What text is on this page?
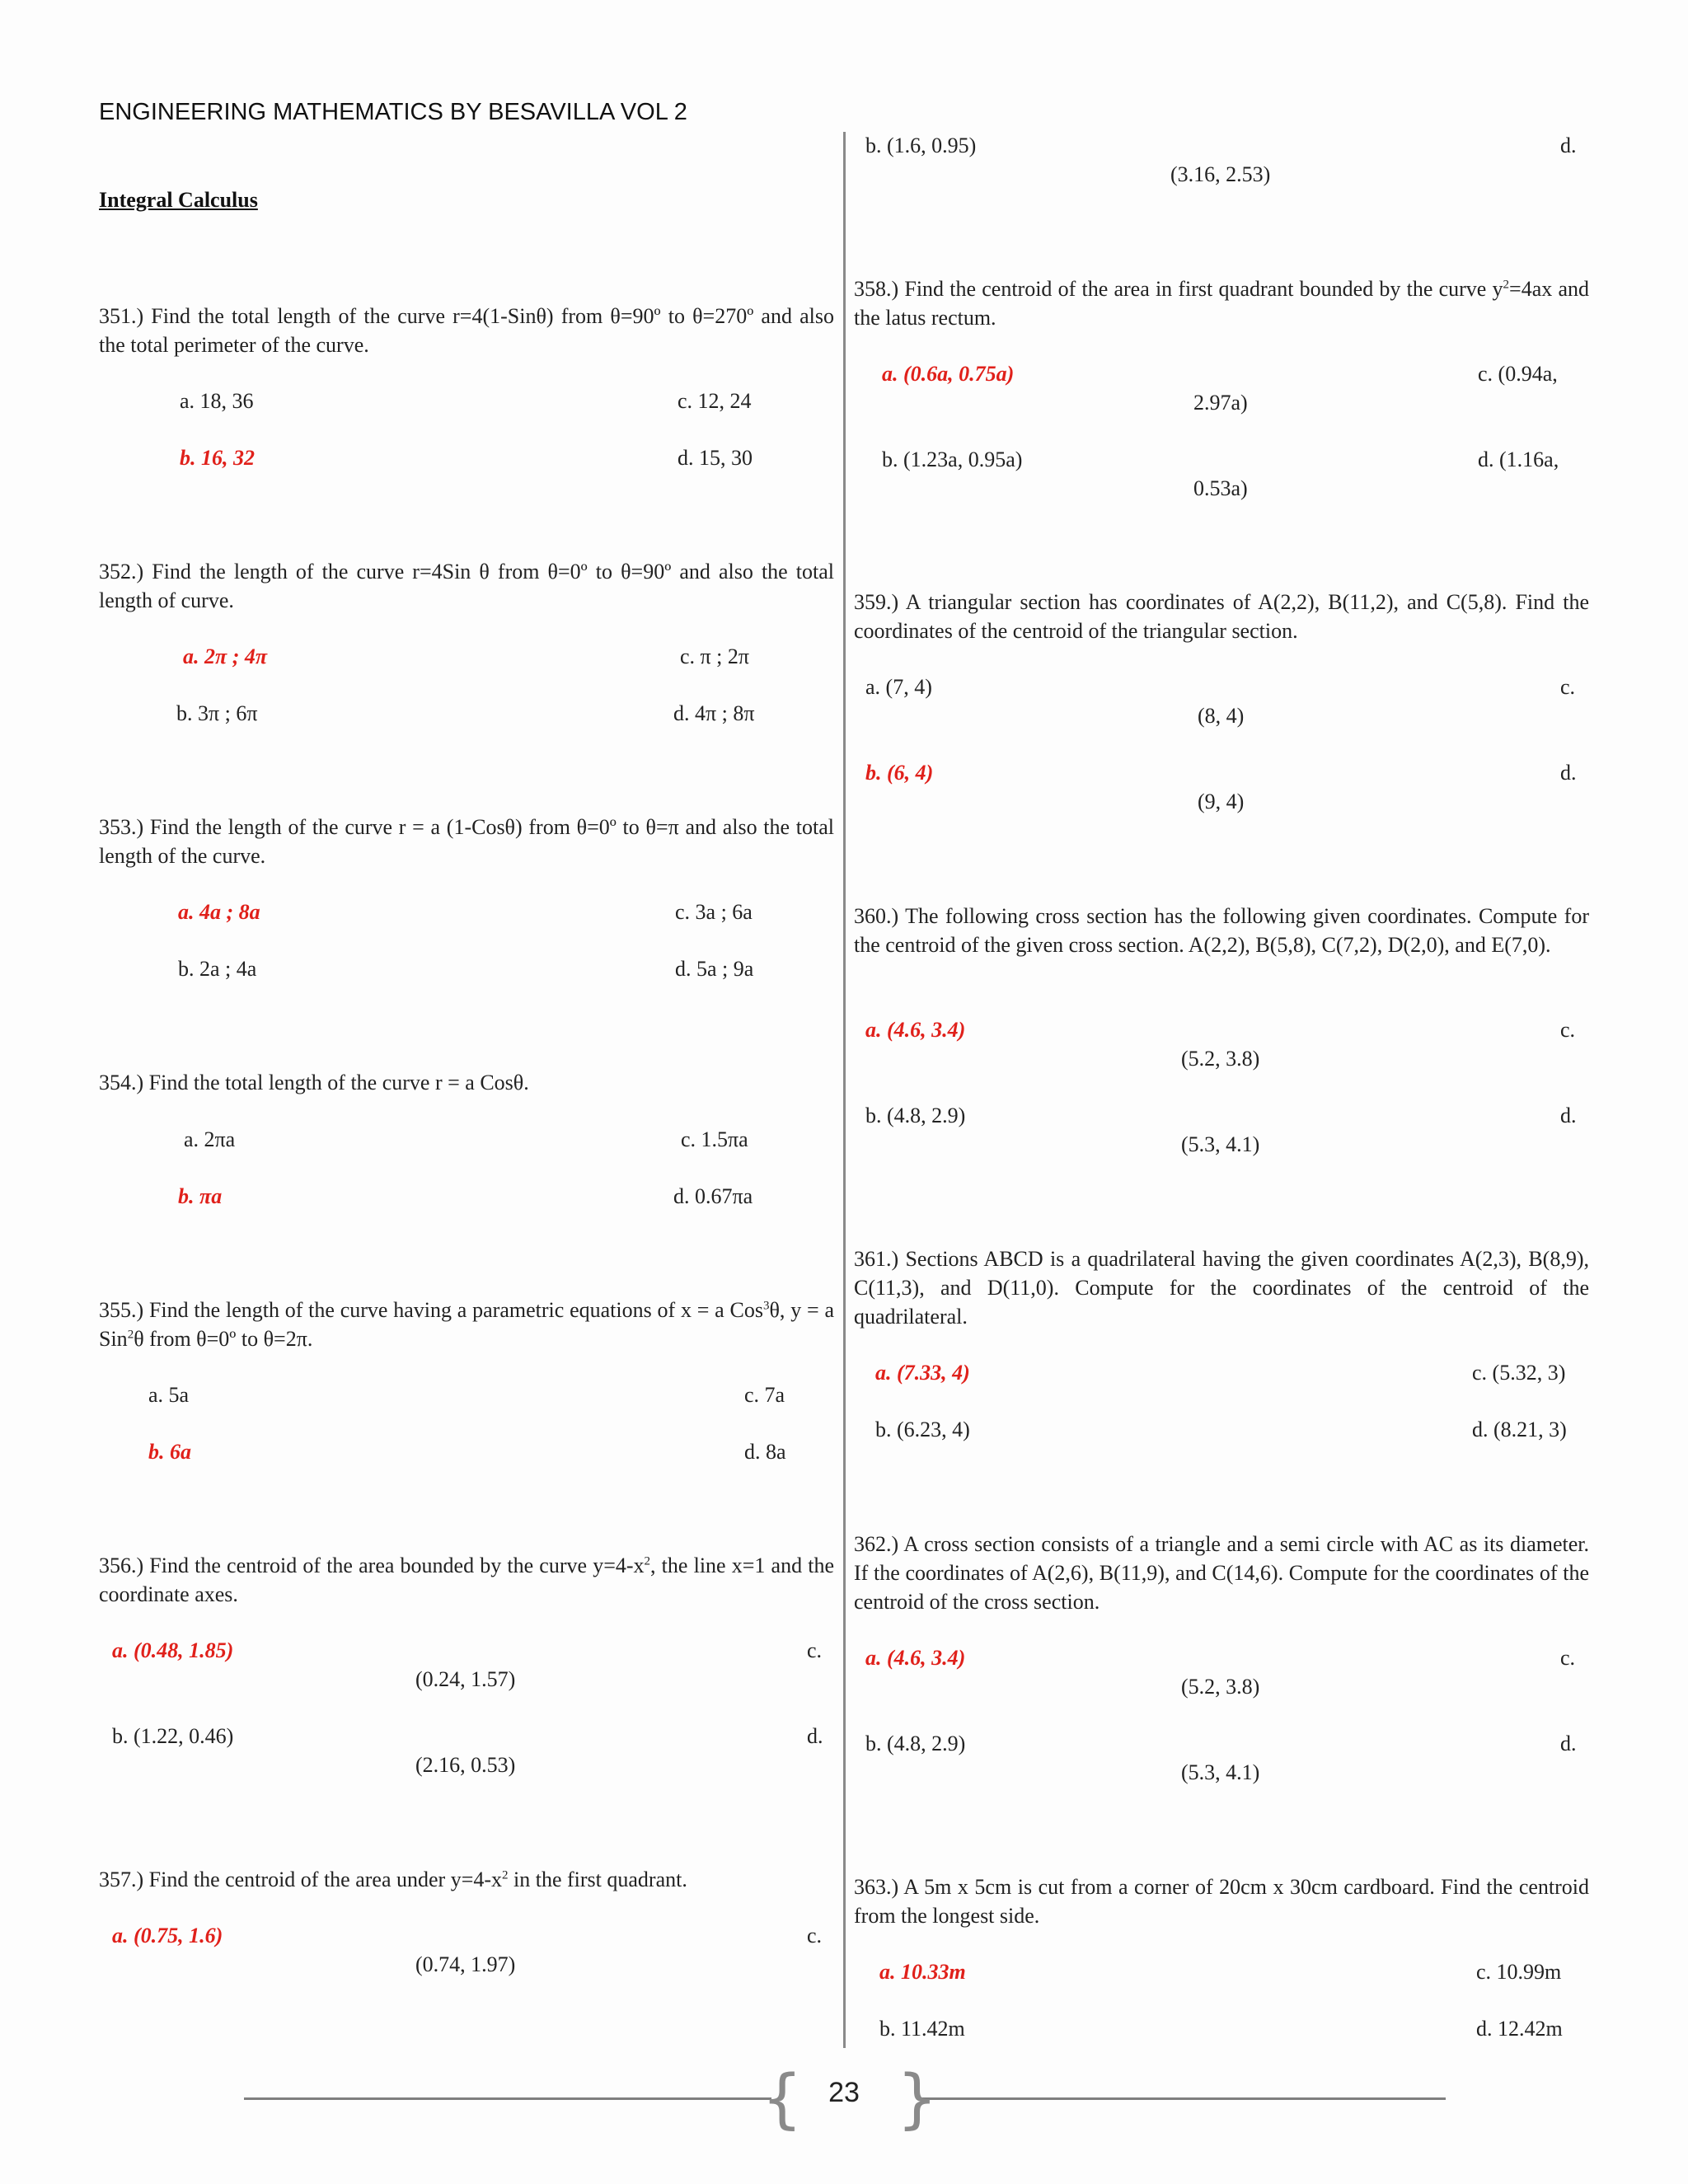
ENGINEERING MATHEMATICS BY BESAVILLA VOL 2
Integral Calculus
351.) Find the total length of the curve r=4(1-Sinθ) from θ=90º to θ=270º and also the total perimeter of the curve.
a. 18, 36	c. 12, 24
b. 16, 32	d. 15, 30
352.) Find the length of the curve r=4Sin θ from θ=0º to θ=90º and also the total length of curve.
a. 2π ; 4π	c. π ; 2π
b. 3π ; 6π	d. 4π ; 8π
353.) Find the length of the curve r = a (1-Cosθ) from θ=0º to θ=π and also the total length of the curve.
a. 4a ; 8a	c. 3a ; 6a
b. 2a ; 4a	d. 5a ; 9a
354.) Find the total length of the curve r = a Cosθ.
a. 2πa	c. 1.5πa
b. πa	d. 0.67πa
355.) Find the length of the curve having a parametric equations of x = a Cos$^3$θ, y = a Sin$^2$θ from θ=0º to θ=2π.
a. 5a	c. 7a
b. 6a	d. 8a
356.) Find the centroid of the area bounded by the curve $y=4-x^2$, the line x=1 and the coordinate axes.
a. (0.48, 1.85)	c.
(0.24, 1.57)
b. (1.22, 0.46)	d.
(2.16, 0.53)
357.) Find the centroid of the area under $y=4-x^2$ in the first quadrant.
a. (0.75, 1.6)	c.
(0.74, 1.97)
b. (1.6, 0.95)	d.
(3.16, 2.53)
358.) Find the centroid of the area in first quadrant bounded by the curve $y^2=4ax$ and the latus rectum.
a. (0.6a, 0.75a)	c. (0.94a,
2.97a)
b. (1.23a, 0.95a)	d. (1.16a,
0.53a)
359.) A triangular section has coordinates of A(2,2), B(11,2), and C(5,8). Find the coordinates of the centroid of the triangular section.
a. (7, 4)	c.
(8, 4)
b. (6, 4)	d.
(9, 4)
360.) The following cross section has the following given coordinates. Compute for the centroid of the given cross section. A(2,2), B(5,8), C(7,2), D(2,0), and E(7,0).
a. (4.6, 3.4)	c.
(5.2, 3.8)
b. (4.8, 2.9)	d.
(5.3, 4.1)
361.) Sections ABCD is a quadrilateral having the given coordinates A(2,3), B(8,9), C(11,3), and D(11,0). Compute for the coordinates of the centroid of the quadrilateral.
a. (7.33, 4)	c. (5.32, 3)
b. (6.23, 4)	d. (8.21, 3)
362.) A cross section consists of a triangle and a semi circle with AC as its diameter. If the coordinates of A(2,6), B(11,9), and C(14,6). Compute for the coordinates of the centroid of the cross section.
a. (4.6, 3.4)	c.
(5.2, 3.8)
b. (4.8, 2.9)	d.
(5.3, 4.1)
363.) A 5m x 5cm is cut from a corner of 20cm x 30cm cardboard. Find the centroid from the longest side.
a. 10.33m	c. 10.99m
b. 11.42m	d. 12.42m
{ }
23
